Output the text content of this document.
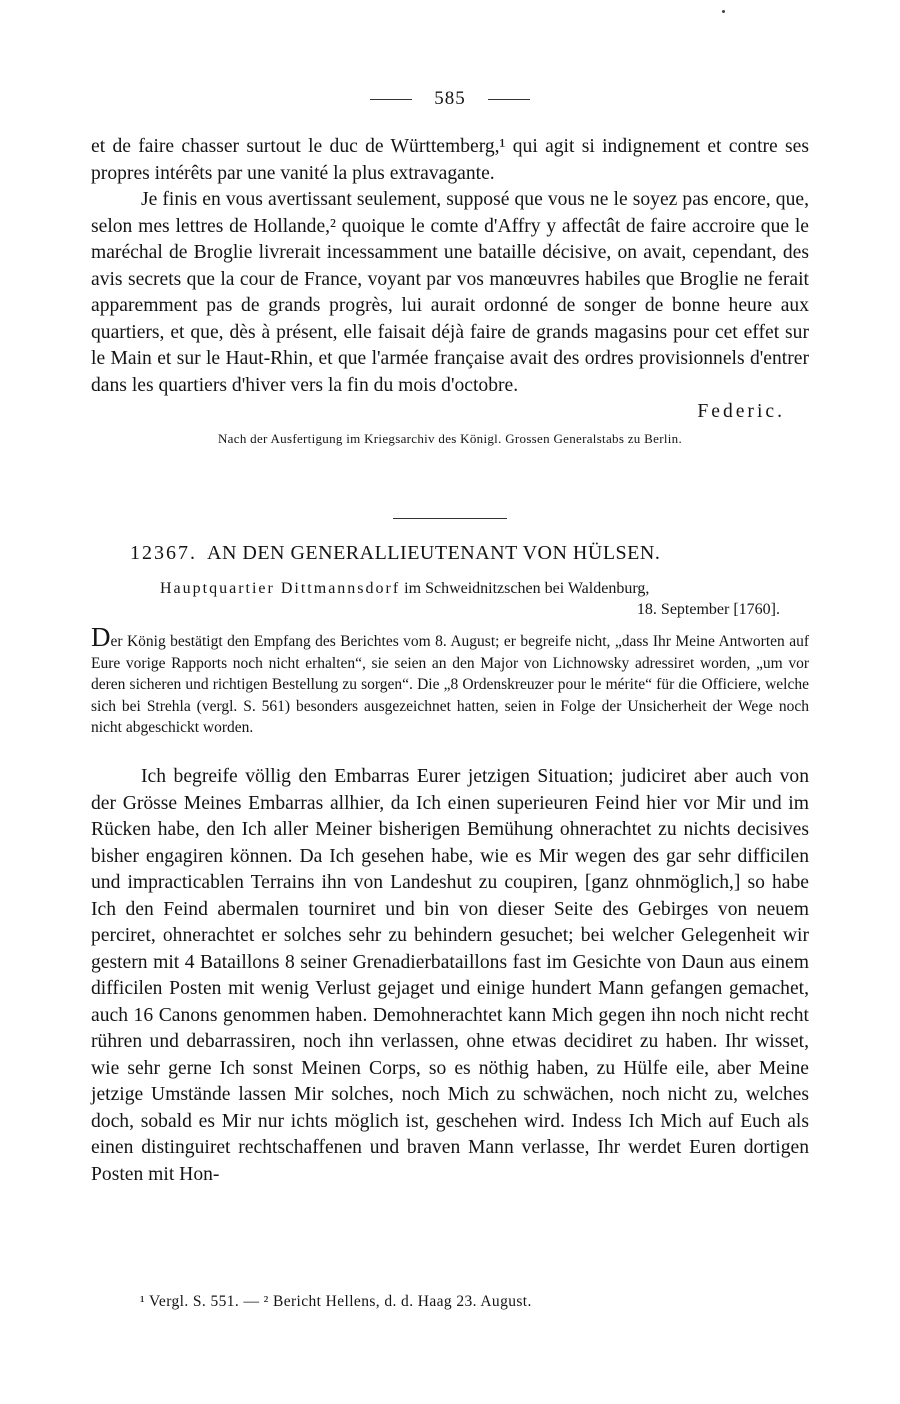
585

et de faire chasser surtout le duc de Württemberg,¹ qui agit si indignement et contre ses propres intérêts par une vanité la plus extravagante.

Je finis en vous avertissant seulement, supposé que vous ne le soyez pas encore, que, selon mes lettres de Hollande,² quoique le comte d'Affry y affectât de faire accroire que le maréchal de Broglie livrerait incessamment une bataille décisive, on avait, cependant, des avis secrets que la cour de France, voyant par vos manœuvres habiles que Broglie ne ferait apparemment pas de grands progrès, lui aurait ordonné de songer de bonne heure aux quartiers, et que, dès à présent, elle faisait déjà faire de grands magasins pour cet effet sur le Main et sur le Haut-Rhin, et que l'armée française avait des ordres provisionnels d'entrer dans les quartiers d'hiver vers la fin du mois d'octobre.

Federic.

Nach der Ausfertigung im Kriegsarchiv des Königl. Grossen Generalstabs zu Berlin.

12367. AN DEN GENERALLIEUTENANT VON HÜLSEN.
Hauptquartier Dittmannsdorf im Schweidnitzschen bei Waldenburg,
18. September [1760].

Der König bestätigt den Empfang des Berichtes vom 8. August; er begreife nicht, „dass Ihr Meine Antworten auf Eure vorige Rapports noch nicht erhalten“, sie seien an den Major von Lichnowsky adressiret worden, „um vor deren sicheren und richtigen Bestellung zu sorgen“. Die „8 Ordenskreuzer pour le mérite“ für die Officiere, welche sich bei Strehla (vergl. S. 561) besonders ausgezeichnet hatten, seien in Folge der Unsicherheit der Wege noch nicht abgeschickt worden.

Ich begreife völlig den Embarras Eurer jetzigen Situation; judiciret aber auch von der Grösse Meines Embarras allhier, da Ich einen superieuren Feind hier vor Mir und im Rücken habe, den Ich aller Meiner bisherigen Bemühung ohnerachtet zu nichts decisives bisher engagiren können. Da Ich gesehen habe, wie es Mir wegen des gar sehr difficilen und impracticablen Terrains ihn von Landeshut zu coupiren, [ganz ohnmöglich,] so habe Ich den Feind abermalen tourniret und bin von dieser Seite des Gebirges von neuem perciret, ohnerachtet er solches sehr zu behindern gesuchet; bei welcher Gelegenheit wir gestern mit 4 Bataillons 8 seiner Grenadierbataillons fast im Gesichte von Daun aus einem difficilen Posten mit wenig Verlust gejaget und einige hundert Mann gefangen gemachet, auch 16 Canons genommen haben. Demohnerachtet kann Mich gegen ihn noch nicht recht rühren und debarrassiren, noch ihn verlassen, ohne etwas decidiret zu haben. Ihr wisset, wie sehr gerne Ich sonst Meinen Corps, so es nöthig haben, zu Hülfe eile, aber Meine jetzige Umstände lassen Mir solches, noch Mich zu schwächen, noch nicht zu, welches doch, sobald es Mir nur ichts möglich ist, geschehen wird. Indess Ich Mich auf Euch als einen distinguiret rechtschaffenen und braven Mann verlasse, Ihr werdet Euren dortigen Posten mit Hon-

¹ Vergl. S. 551. — ² Bericht Hellens, d. d. Haag 23. August.
